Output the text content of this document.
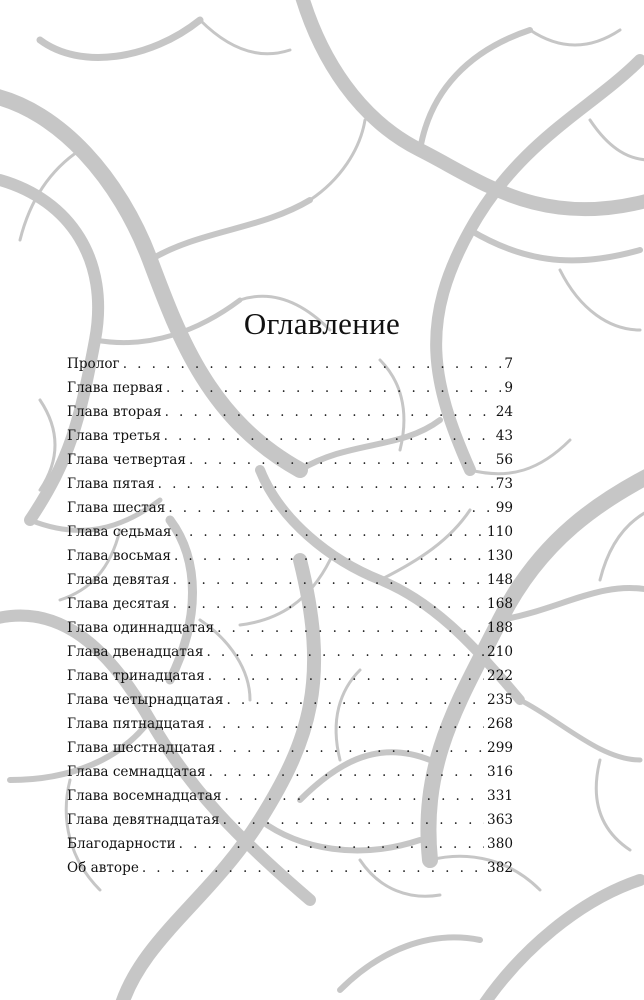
Оглавление
Пролог . . .	7
Глава первая . . .	9
Глава вторая . . .	24
Глава третья . . .	43
Глава четвертая . . .	56
Глава пятая . . .	73
Глава шестая . . .	99
Глава седьмая . . .	110
Глава восьмая . . .	130
Глава девятая . . .	148
Глава десятая . . .	168
Глава одиннадцатая . . .	188
Глава двенадцатая . . .	210
Глава тринадцатая . . .	222
Глава четырнадцатая . . .	235
Глава пятнадцатая . . .	268
Глава шестнадцатая . . .	299
Глава семнадцатая . . .	316
Глава восемнадцатая . . .	331
Глава девятнадцатая . . .	363
Благодарности . . .	380
Об авторе . . .	382
